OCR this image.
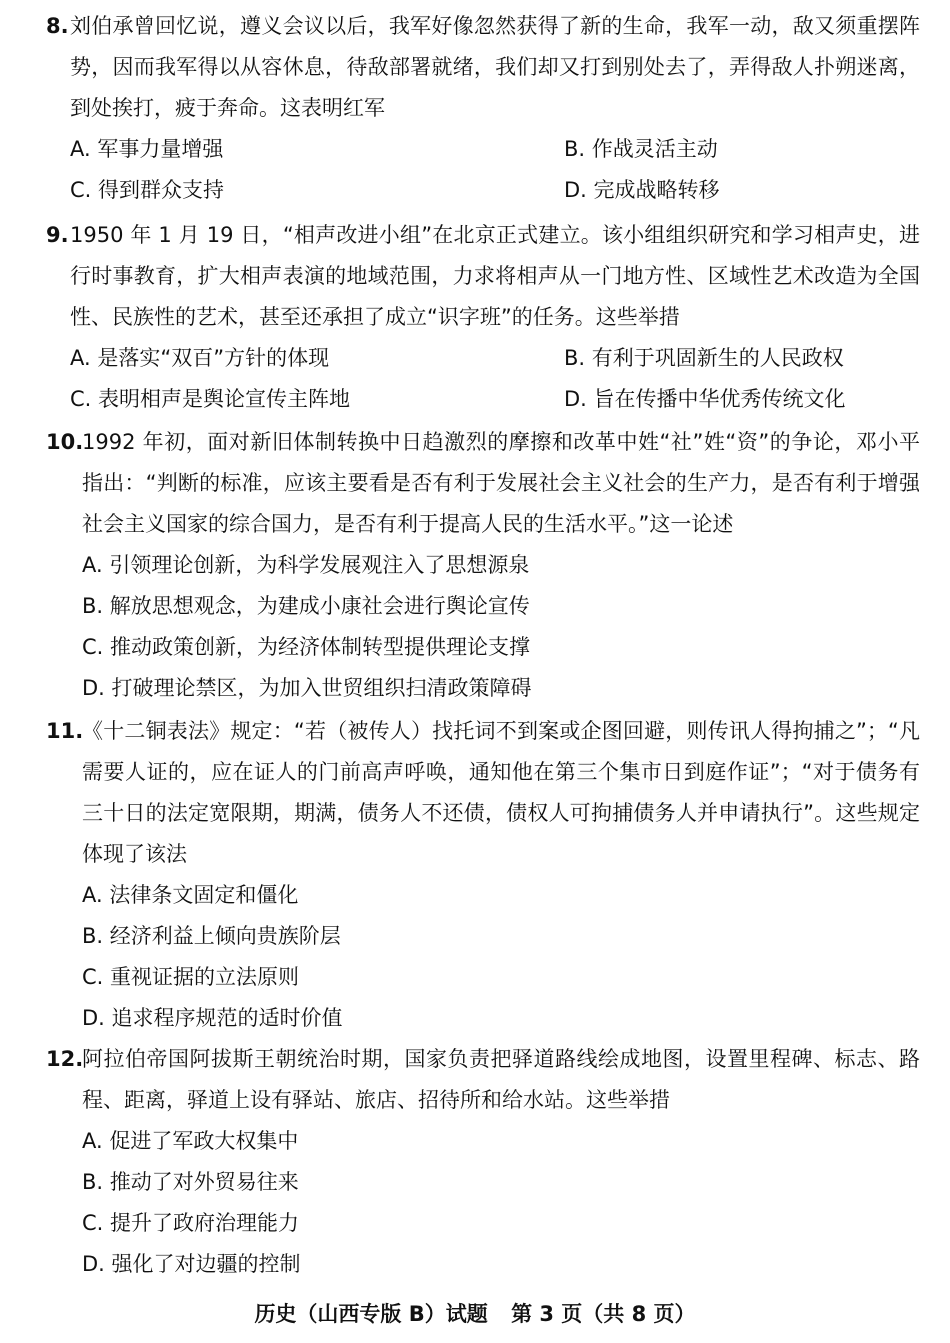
8. 刘伯承曾回忆说，遵义会议以后，我军好像忽然获得了新的生命，我军一动，敌又须重摆阵势，因而我军得以从容休息，待敌部署就绪，我们却又打到别处去了，弄得敌人扑朔迷离，到处挨打，疲于奔命。这表明红军
A. 军事力量增强	B. 作战灵活主动
C. 得到群众支持	D. 完成战略转移
9. 1950 年 1 月 19 日，“相声改进小组”在北京正式建立。该小组组织研究和学习相声史，进行时事教育，扩大相声表演的地域范围，力求将相声从一门地方性、区域性艺术改造为全国性、民族性的艺术，甚至还承担了成立“识字班”的任务。这些举措
A. 是落实“双百”方针的体现	B. 有利于巩固新生的人民政权
C. 表明相声是舆论宣传主阵地	D. 旨在传播中华优秀传统文化
10.
1992 年初，面对新旧体制转换中日趋激烈的摩擦和改革中姓“社”姓“资”的争论，邓小平指出：“判断的标准，应该主要看是否有利于发展社会主义社会的生产力，是否有利于增强社会主义国家的综合国力，是否有利于提高人民的生活水平。”这一论述
A. 引领理论创新，为科学发展观注入了思想源泉
B. 解放思想观念，为建成小康社会进行舆论宣传
C. 推动政策创新，为经济体制转型提供理论支撑
D. 打破理论禁区，为加入世贸组织扫清政策障碍
11.
《十二铜表法》规定：“若（被传人）找托词不到案或企图回避，则传讯人得拘捕之”；“凡需要人证的，应在证人的门前高声呼唤，通知他在第三个集市日到庭作证”；“对于债务有三十日的法定宽限期，期满，债务人不还债，债权人可拘捕债务人并申请执行”。这些规定体现了该法
A. 法律条文固定和僵化
B. 经济利益上倾向贵族阶层
C. 重视证据的立法原则
D. 追求程序规范的适时价值
12.
阿拉伯帝国阿拔斯王朝统治时期，国家负责把驿道路线绘成地图，设置里程碑、标志、路程、距离，驿道上设有驿站、旅店、招待所和给水站。这些举措
A. 促进了军政大权集中
B. 推动了对外贸易往来
C. 提升了政府治理能力
D. 强化了对边疆的控制
历史（山西专版 B）试题 第 3 页（共 8 页）
